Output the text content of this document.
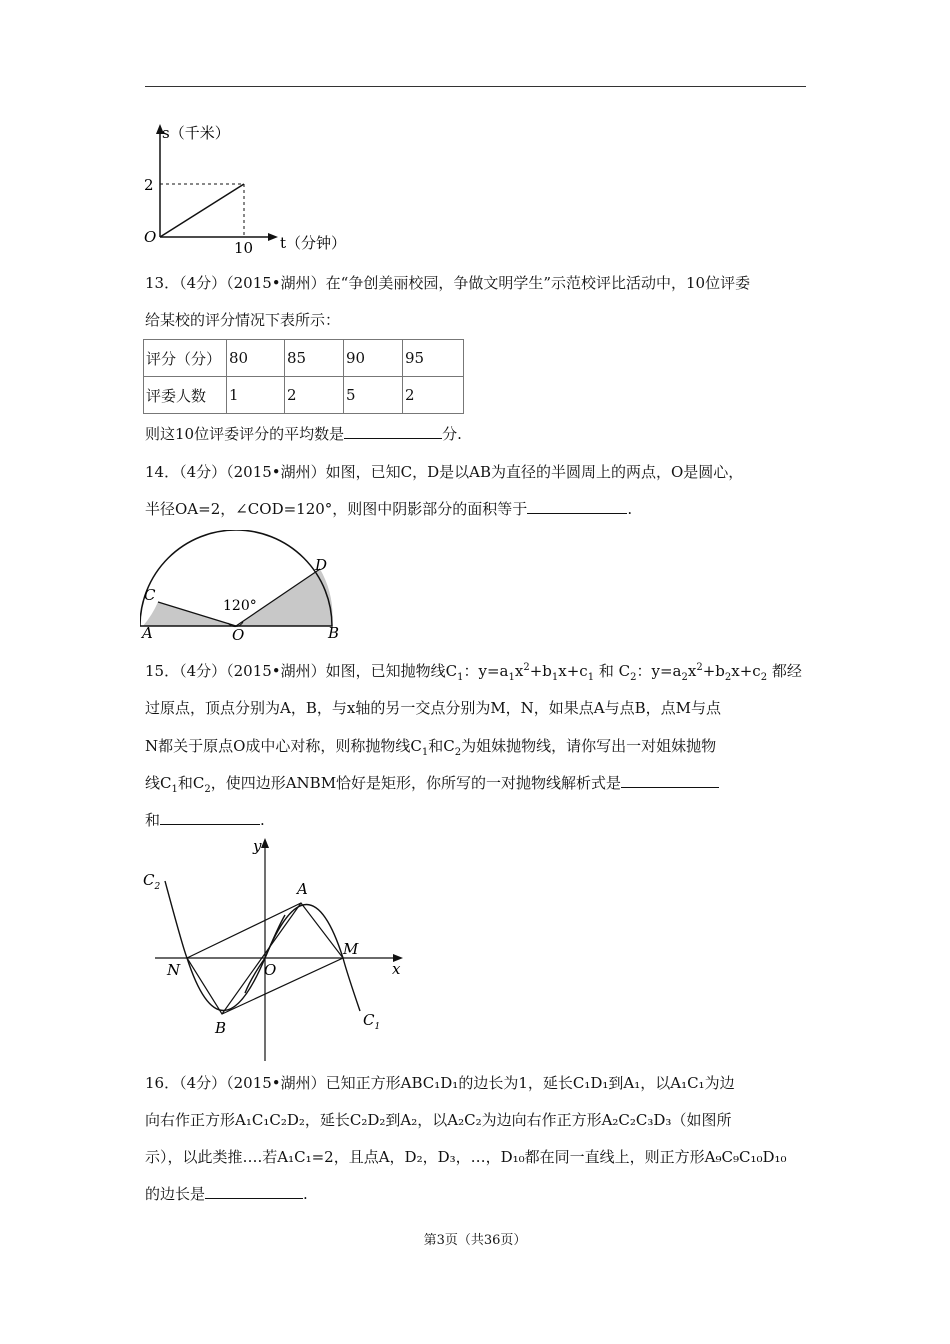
s（千米）
t（分钟）
O
2
10
13．（4分）（2015•湖州）在“争创美丽校园，争做文明学生”示范校评比活动中，10位评委
给某校的评分情况下表所示：
评分（分）	80	85	90	95
评委人数	1	2	5	2
则这10位评委评分的平均数是	分.
14．（4分）（2015•湖州）如图，已知C，D是以AB为直径的半圆周上的两点，O是圆心，
半径OA=2，∠COD=120°，则图中阴影部分的面积等于	.
A	B
C
D
O
120°
15．（4分）（2015•湖州）如图，已知抛物线$C_1$：$y=a_1x^2+b_1x+c_1$ 和 $C_2$：$y=a_2x^2+b_2x+c_2$ 都经
过原点，顶点分别为A，B，与x轴的另一交点分别为M，N，如果点A与点B，点M与点
N都关于原点O成中心对称，则称抛物线$C_1$和$C_2$为姐妹抛物线，请你写出一对姐妹抛物
线$C_1$和$C_2$，使四边形ANBM恰好是矩形，你所写的一对抛物线解析式是
和	.
y
x
$C_2$
$C_1$
A
B
M
N	O
16．（4分）（2015•湖州）已知正方形ABC₁D₁的边长为1，延长C₁D₁到A₁，以A₁C₁为边
向右作正方形A₁C₁C₂D₂，延长C₂D₂到A₂，以A₂C₂为边向右作正方形A₂C₂C₃D₃（如图所
示），以此类推….若A₁C₁=2，且点A，D₂，D₃，…，D₁₀都在同一直线上，则正方形A₉C₉C₁₀D₁₀
的边长是	.
第3页（共36页）
